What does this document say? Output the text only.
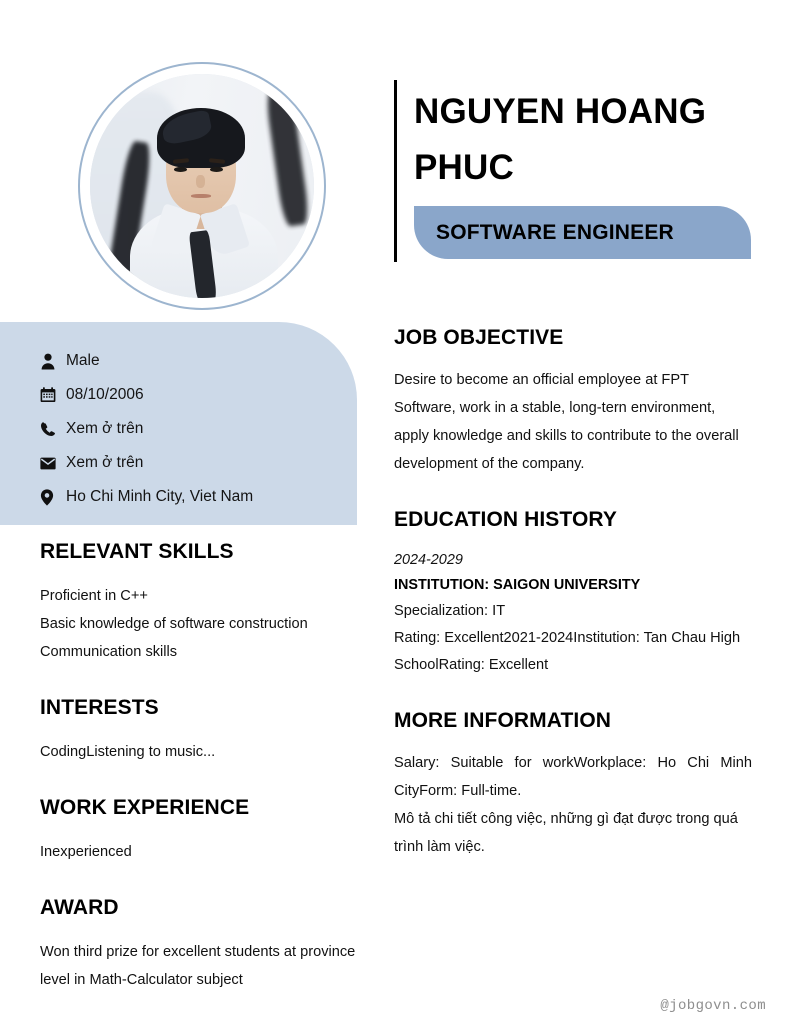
NGUYEN HOANG PHUC
SOFTWARE ENGINEER
Male
08/10/2006
Xem ở trên
Xem ở trên
Ho Chi Minh City, Viet Nam
RELEVANT SKILLS
Proficient in C++
Basic knowledge of software construction
Communication skills
INTERESTS
CodingListening to music...
WORK EXPERIENCE
Inexperienced
AWARD
Won third prize for excellent students at province level in Math-Calculator subject
JOB OBJECTIVE
Desire to become an official employee at FPT Software, work in a stable, long-tern environment, apply knowledge and skills to contribute to the overall development of the company.
EDUCATION HISTORY
2024-2029
INSTITUTION: SAIGON UNIVERSITY
Specialization: IT
Rating: Excellent2021-2024Institution: Tan Chau High SchoolRating: Excellent
MORE INFORMATION
Salary: Suitable for workWorkplace: Ho Chi Minh CityForm: Full-time.
Mô tả chi tiết công việc, những gì đạt được trong quá trình làm việc.
@jobgovn.com
